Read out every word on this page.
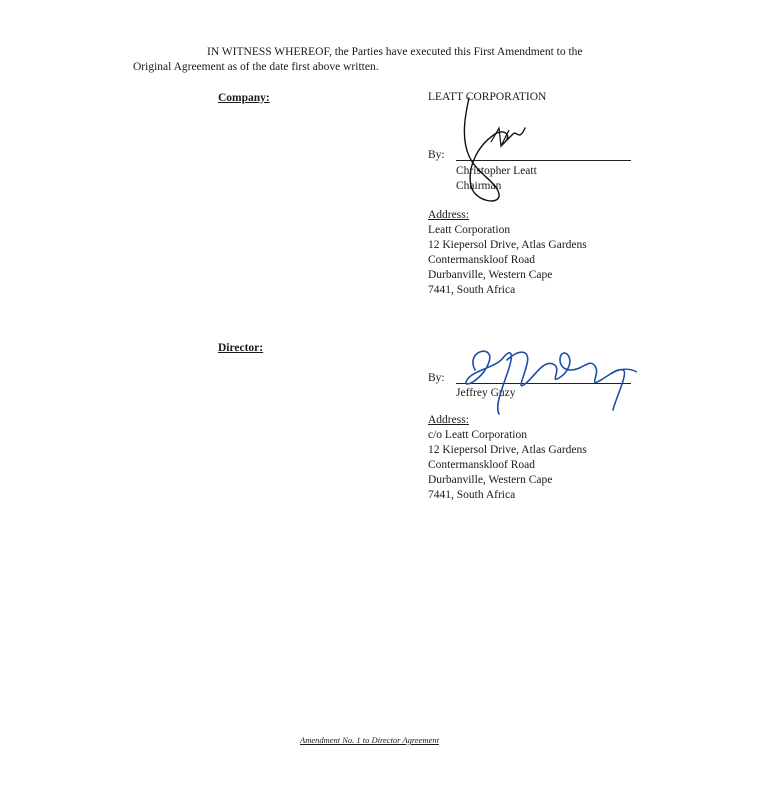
IN WITNESS WHEREOF, the Parties have executed this First Amendment to the
Original Agreement as of the date first above written.
Company:	LEATT CORPORATION
By:
Christopher Leatt
Chairman
Address:
Leatt Corporation
12 Kiepersol Drive, Atlas Gardens
Contermanskloof Road
Durbanville, Western Cape
7441, South Africa
Director:
By:
Jeffrey Guzy
Address:
c/o Leatt Corporation
12 Kiepersol Drive, Atlas Gardens
Contermanskloof Road
Durbanville, Western Cape
7441, South Africa
Amendment No. 1 to Director Agreement
